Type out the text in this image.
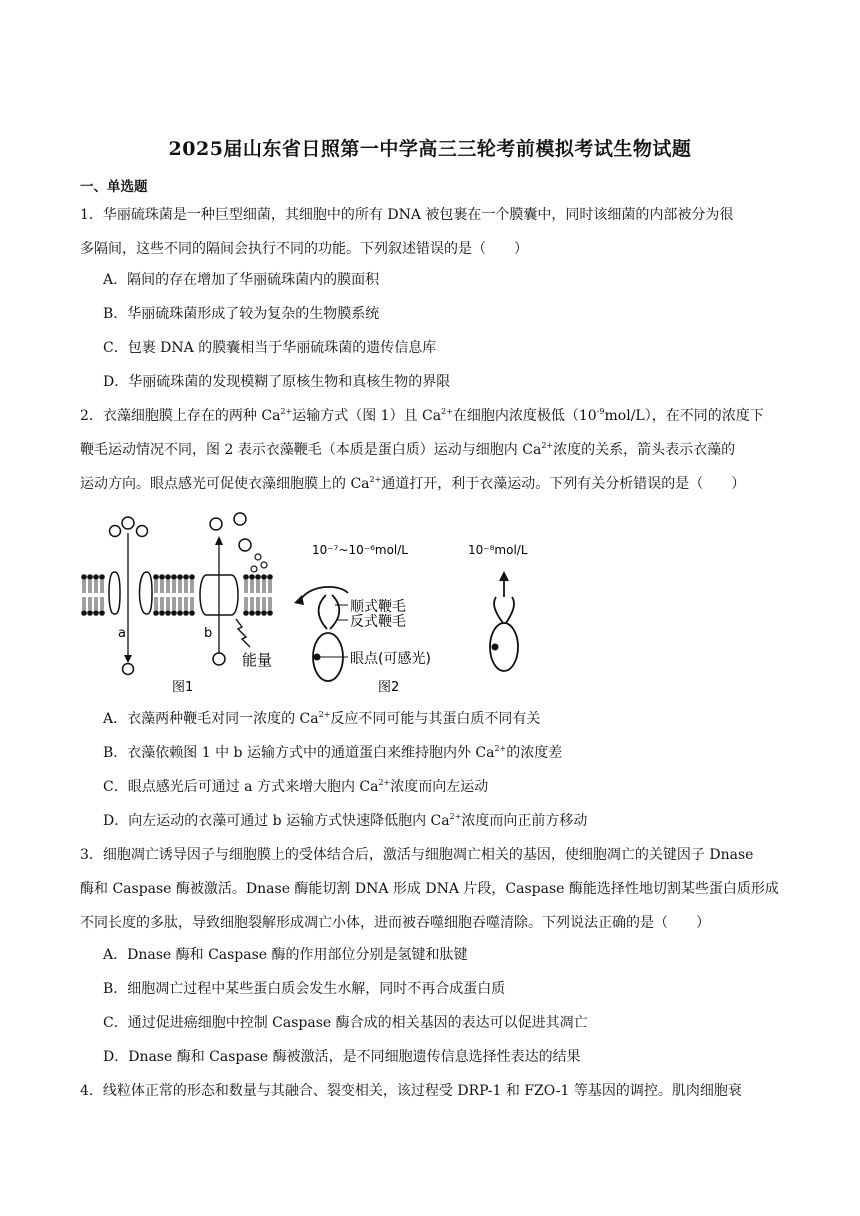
2025届山东省日照第一中学高三三轮考前模拟考试生物试题
一、单选题
1．华丽硫珠菌是一种巨型细菌，其细胞中的所有 DNA 被包裹在一个膜囊中，同时该细菌的内部被分为很
多隔间，这些不同的隔间会执行不同的功能。下列叙述错误的是（　　）
A．隔间的存在增加了华丽硫珠菌内的膜面积
B．华丽硫珠菌形成了较为复杂的生物膜系统
C．包裹 DNA 的膜囊相当于华丽硫珠菌的遗传信息库
D．华丽硫珠菌的发现模糊了原核生物和真核生物的界限
2．衣藻细胞膜上存在的两种 $Ca^{2+}$运输方式（图 1）且 $Ca^{2+}$在细胞内浓度极低$(10^{-9}mol/L)$，在不同的浓度下
鞭毛运动情况不同，图 2 表示衣藻鞭毛（本质是蛋白质）运动与细胞内 $Ca^{2+}$浓度的关系，箭头表示衣藻的
运动方向。眼点感光可促使衣藻细胞膜上的 $Ca^{2+}$通道打开，利于衣藻运动。下列有关分析错误的是（　　）
a	b
能量
图1
10⁻⁷~10⁻⁶mol/L	10⁻⁸mol/L
顺式鞭毛
反式鞭毛
眼点(可感光)
图2
A．衣藻两种鞭毛对同一浓度的 $Ca^{2+}$反应不同可能与其蛋白质不同有关
B．衣藻依赖图 1 中 b 运输方式中的通道蛋白来维持胞内外 $Ca^{2+}$的浓度差
C．眼点感光后可通过 a 方式来增大胞内 $Ca^{2+}$浓度而向左运动
D．向左运动的衣藻可通过 b 运输方式快速降低胞内 $Ca^{2+}$浓度而向正前方移动
3．细胞凋亡诱导因子与细胞膜上的受体结合后，激活与细胞凋亡相关的基因，使细胞凋亡的关键因子 Dnase
酶和 Caspase 酶被激活。Dnase 酶能切割 DNA 形成 DNA 片段，Caspase 酶能选择性地切割某些蛋白质形成
不同长度的多肽，导致细胞裂解形成凋亡小体，进而被吞噬细胞吞噬清除。下列说法正确的是（　　）
A．Dnase 酶和 Caspase 酶的作用部位分别是氢键和肽键
B．细胞凋亡过程中某些蛋白质会发生水解，同时不再合成蛋白质
C．通过促进癌细胞中控制 Caspase 酶合成的相关基因的表达可以促进其凋亡
D．Dnase 酶和 Caspase 酶被激活，是不同细胞遗传信息选择性表达的结果
4．线粒体正常的形态和数量与其融合、裂变相关，该过程受 DRP-1 和 FZO-1 等基因的调控。肌肉细胞衰
